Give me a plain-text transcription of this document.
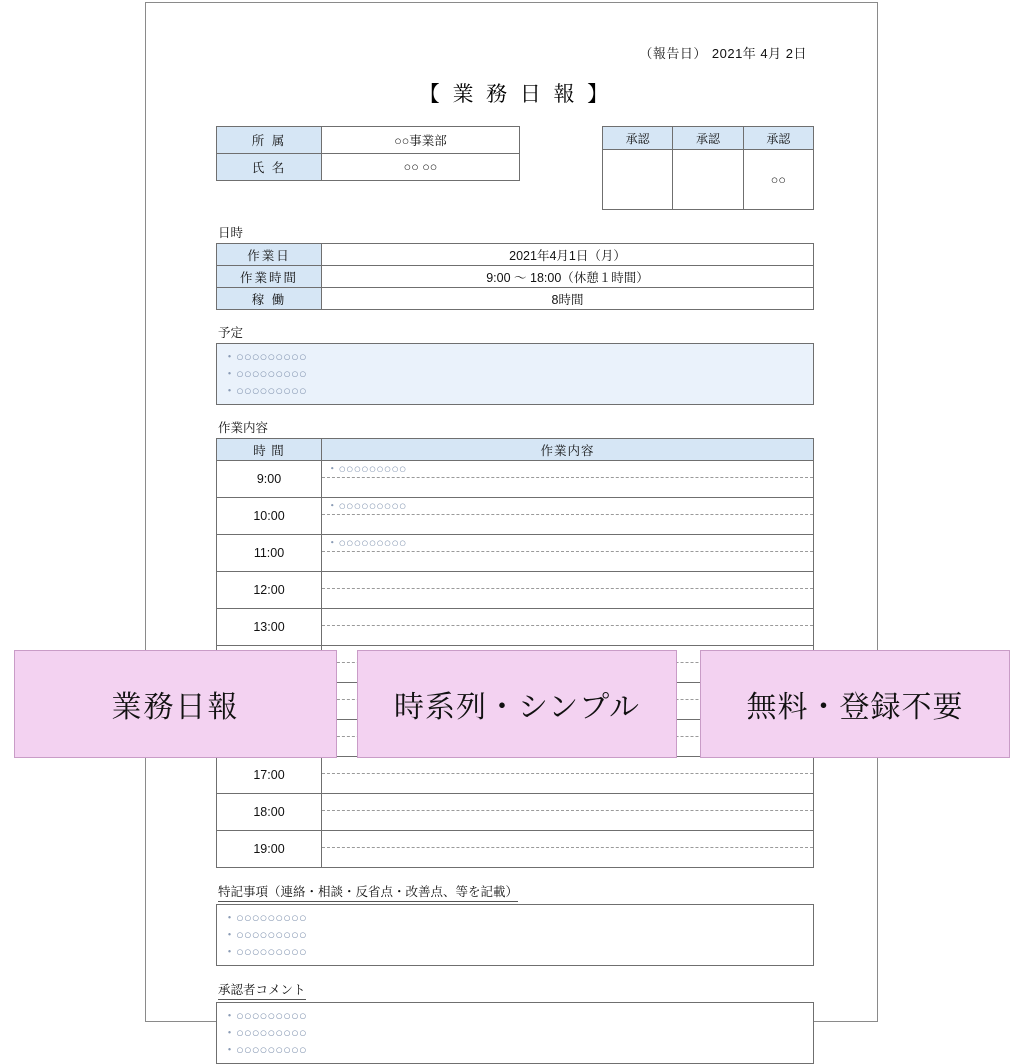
（報告日） 2021年 4月 2日
【 業 務 日 報 】
所 属	○○事業部
氏 名	○○ ○○
承認	承認	承認
		○○
日時
作業日	2021年4月1日（月）
作業時間	9:00 ～ 18:00（休憩１時間）
稼 働	8時間
予定
・○○○○○○○○○
・○○○○○○○○○
・○○○○○○○○○
作業内容
時 間	作業内容
9:00	・○○○○○○○○○

10:00	・○○○○○○○○○

11:00	・○○○○○○○○○

12:00	

13:00	

17:00	

18:00	

19:00	
特記事項（連絡・相談・反省点・改善点、等を記載）
・○○○○○○○○○
・○○○○○○○○○
・○○○○○○○○○
承認者コメント
・○○○○○○○○○
・○○○○○○○○○
・○○○○○○○○○
業務日報	時系列・シンプル	無料・登録不要
